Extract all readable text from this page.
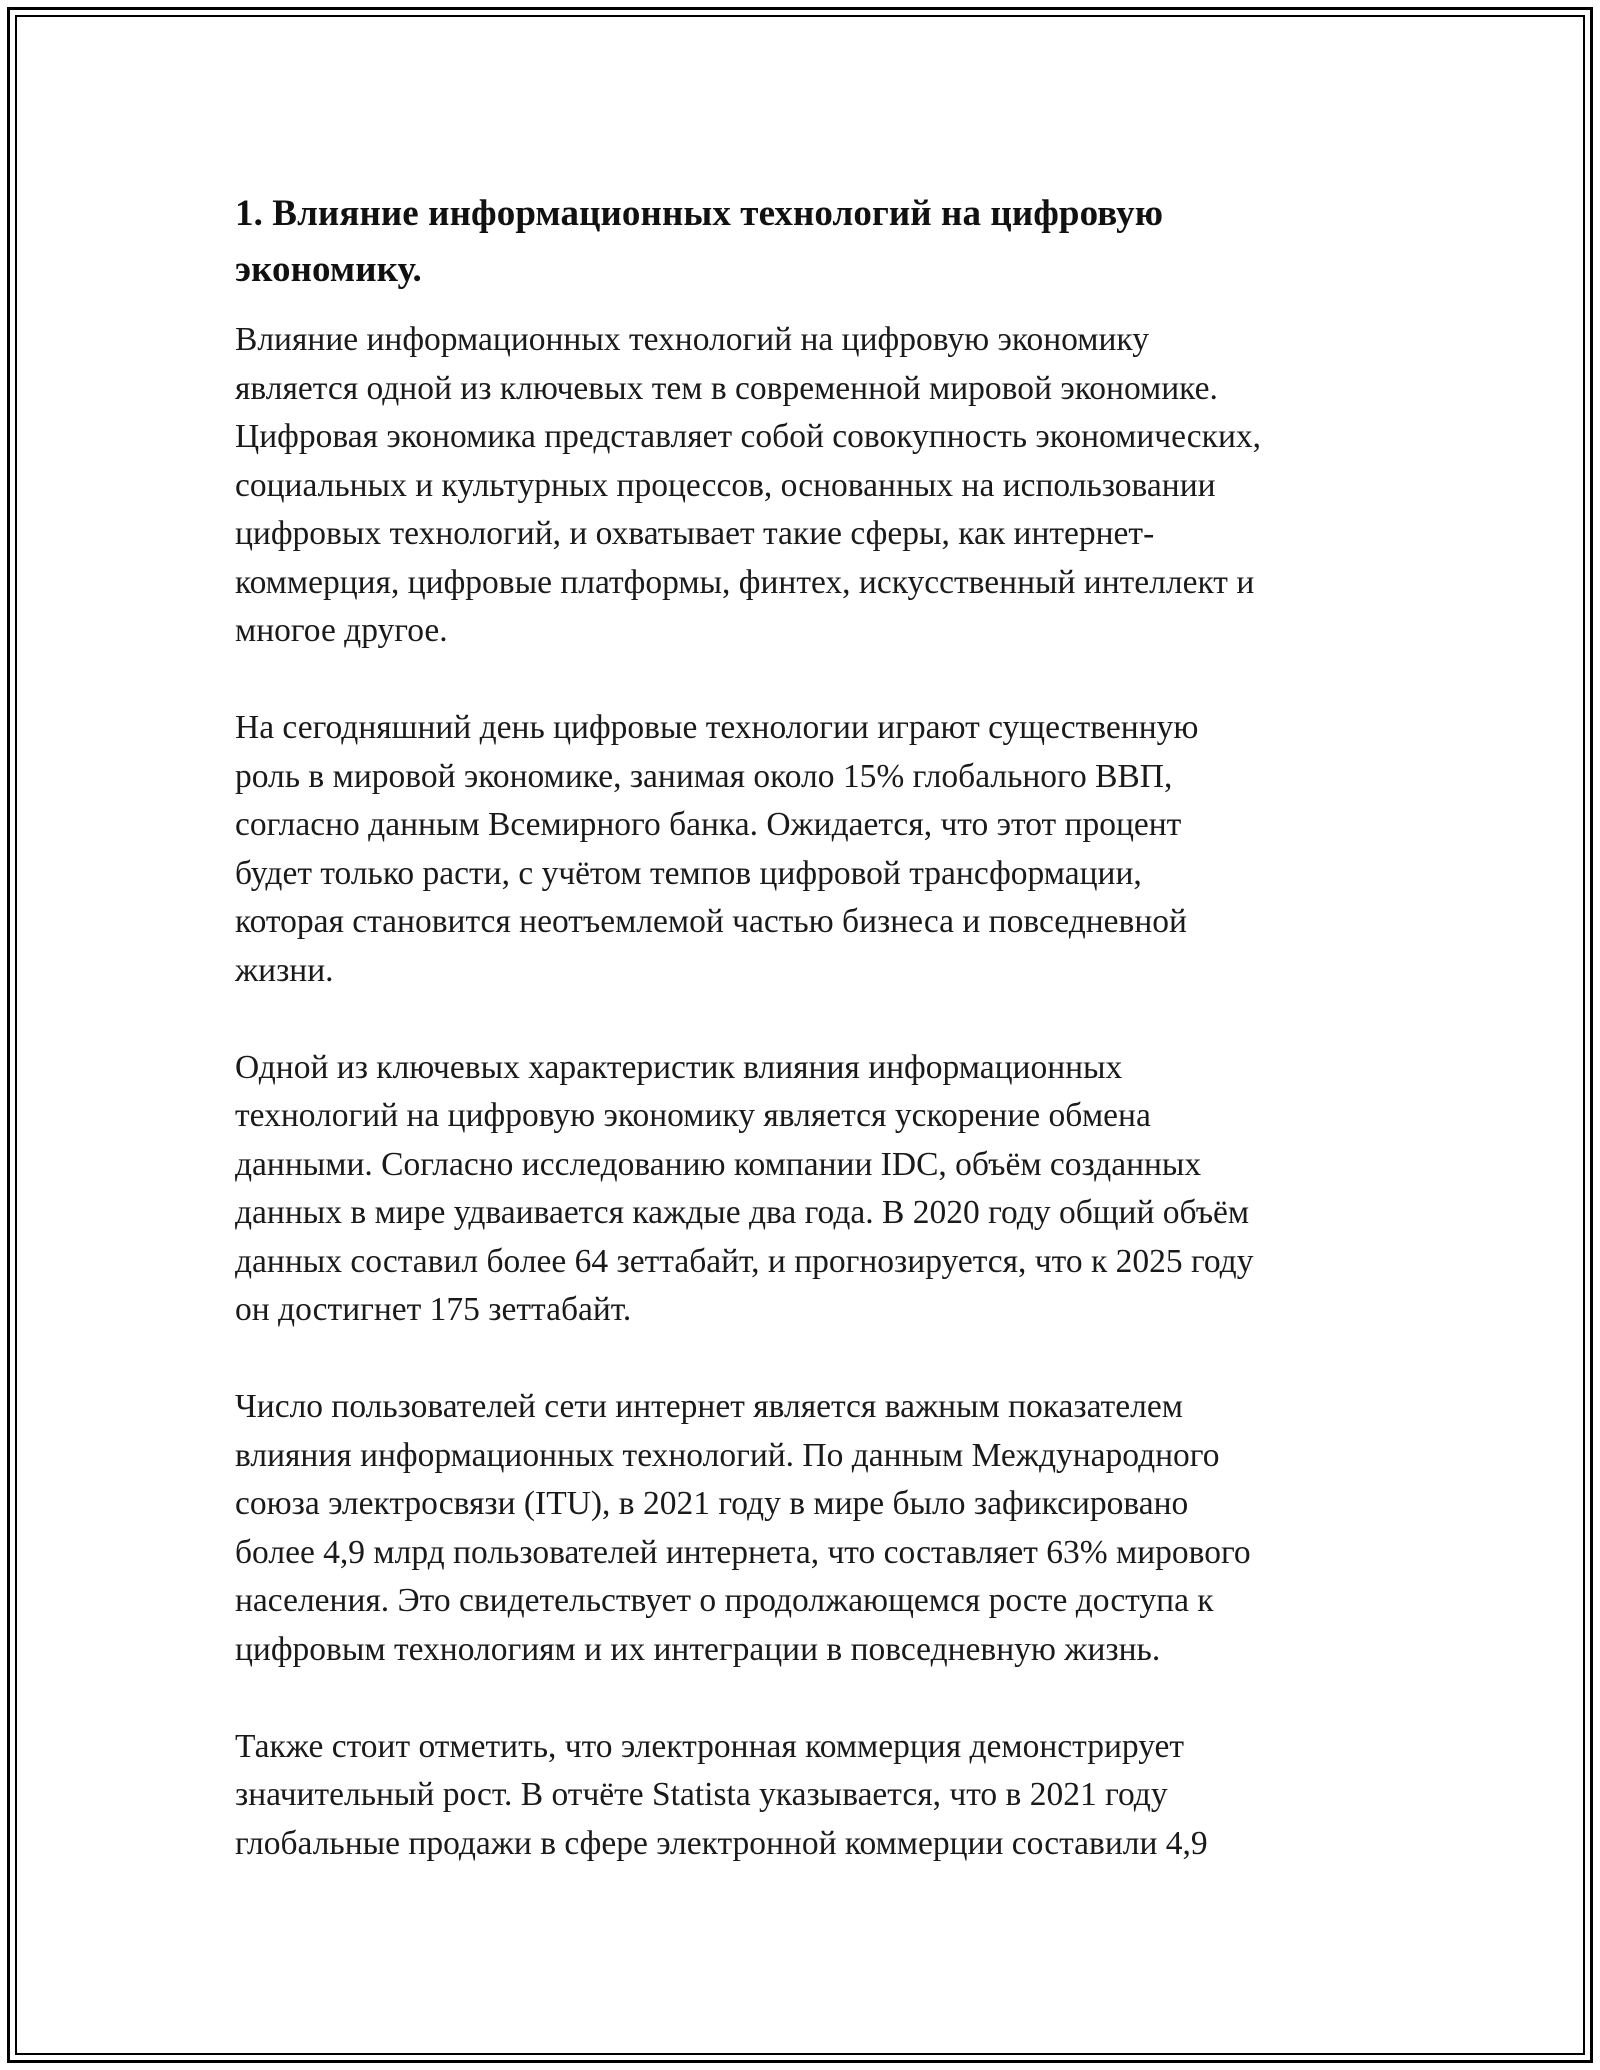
1. Влияние информационных технологий на цифровую
экономику.

Влияние информационных технологий на цифровую экономику
является одной из ключевых тем в современной мировой экономике.
Цифровая экономика представляет собой совокупность экономических,
социальных и культурных процессов, основанных на использовании
цифровых технологий, и охватывает такие сферы, как интернет-
коммерция, цифровые платформы, финтех, искусственный интеллект и
многое другое.

На сегодняшний день цифровые технологии играют существенную
роль в мировой экономике, занимая около 15% глобального ВВП,
согласно данным Всемирного банка. Ожидается, что этот процент
будет только расти, с учётом темпов цифровой трансформации,
которая становится неотъемлемой частью бизнеса и повседневной
жизни.

Одной из ключевых характеристик влияния информационных
технологий на цифровую экономику является ускорение обмена
данными. Согласно исследованию компании IDC, объём созданных
данных в мире удваивается каждые два года. В 2020 году общий объём
данных составил более 64 зеттабайт, и прогнозируется, что к 2025 году
он достигнет 175 зеттабайт.

Число пользователей сети интернет является важным показателем
влияния информационных технологий. По данным Международного
союза электросвязи (ITU), в 2021 году в мире было зафиксировано
более 4,9 млрд пользователей интернета, что составляет 63% мирового
населения. Это свидетельствует о продолжающемся росте доступа к
цифровым технологиям и их интеграции в повседневную жизнь.

Также стоит отметить, что электронная коммерция демонстрирует
значительный рост. В отчёте Statista указывается, что в 2021 году
глобальные продажи в сфере электронной коммерции составили 4,9
